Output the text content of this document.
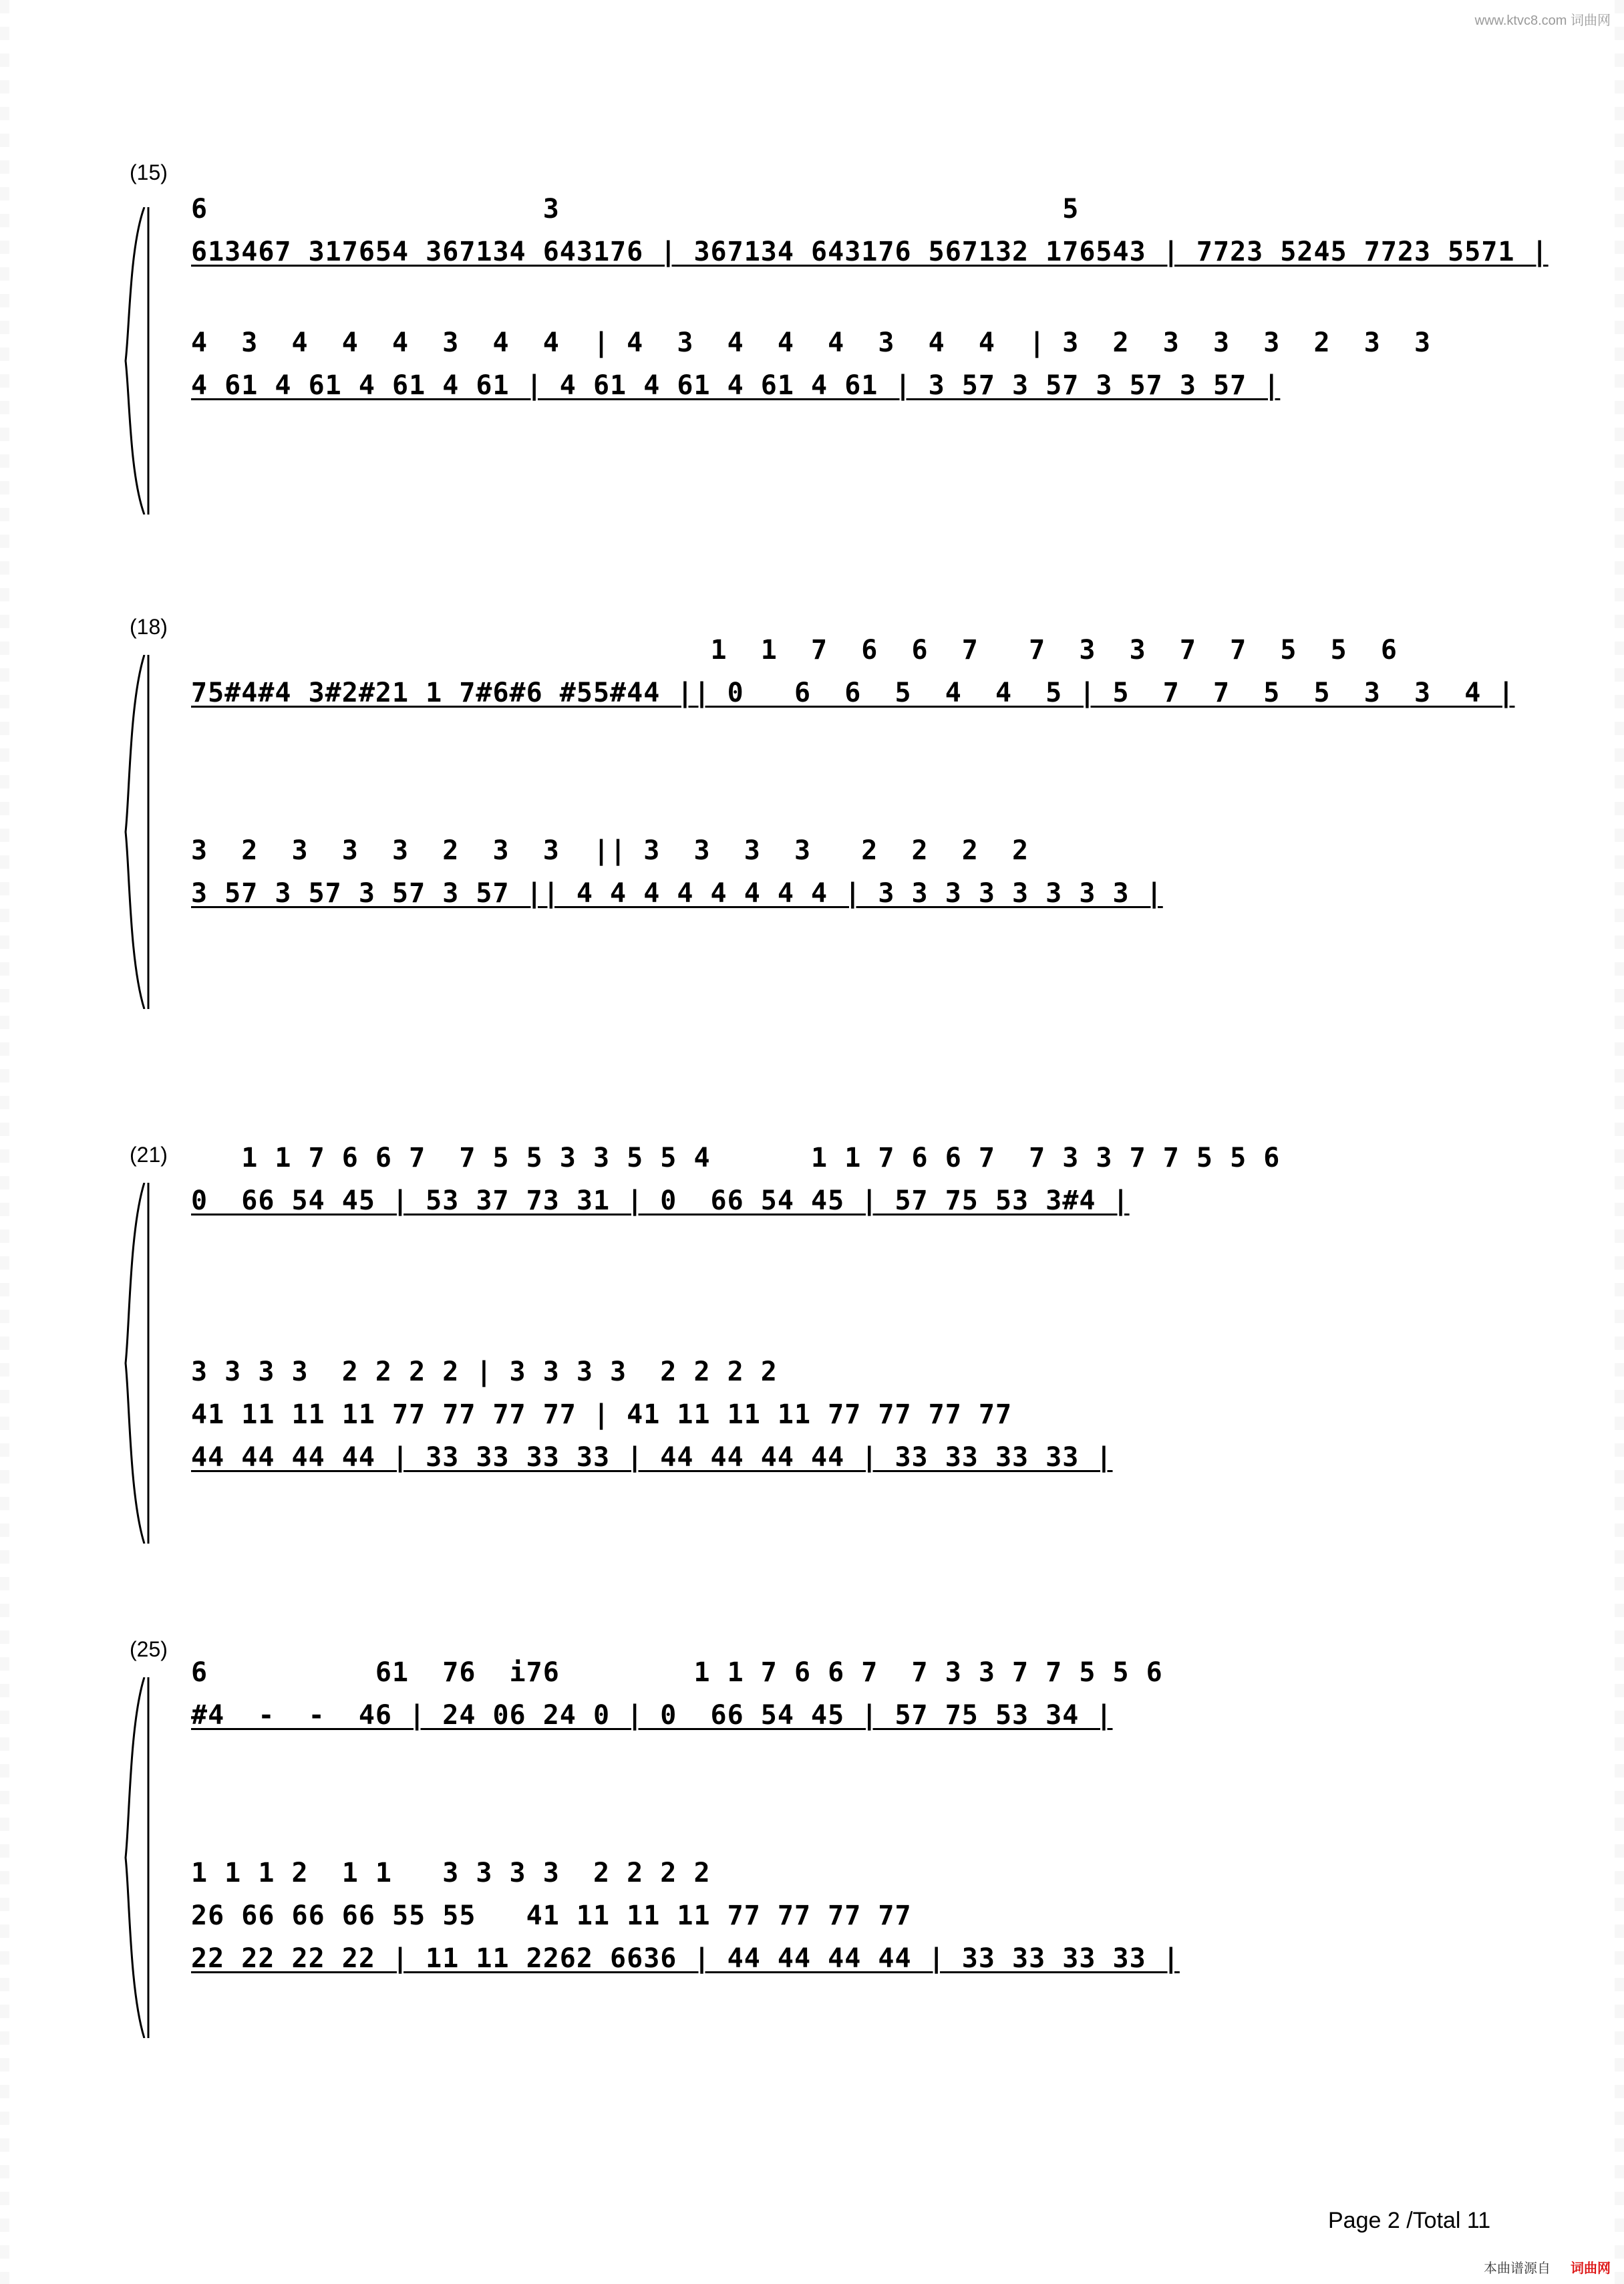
www.ktvc8.com 词曲网
(15)
6                    3                              5
613467 317654 367134 643176 | 367134 643176 567132 176543 | 7723 5245 7723 5571 |
4  3  4  4  4  3  4  4  | 4  3  4  4  4  3  4  4  | 3  2  3  3  3  2  3  3
4 61 4 61 4 61 4 61 | 4 61 4 61 4 61 4 61 | 3 57 3 57 3 57 3 57 |
(18)
1  1  7  6  6  7   7  3  3  7  7  5  5  6
75#4#4 3#2#21 1 7#6#6 #55#44 || 0   6  6  5  4  4  5 | 5  7  7  5  5  3  3  4 |
3  2  3  3  3  2  3  3  || 3  3  3  3   2  2  2  2
3 57 3 57 3 57 3 57 || 4 4 4 4 4 4 4 4 | 3 3 3 3 3 3 3 3 |
(21) 1 1 7 6 6 7  7 5 5 3 3 5 5 4      1 1 7 6 6 7  7 3 3 7 7 5 5 6
0  66 54 45 | 53 37 73 31 | 0  66 54 45 | 57 75 53 3#4 |
3 3 3 3  2 2 2 2 | 3 3 3 3  2 2 2 2
41 11 11 11 77 77 77 77 | 41 11 11 11 77 77 77 77
44 44 44 44 | 33 33 33 33 | 44 44 44 44 | 33 33 33 33 |
(25)
6          61  76  i76        1 1 7 6 6 7  7 3 3 7 7 5 5 6
#4  -  -  46 | 24 06 24 0 | 0  66 54 45 | 57 75 53 34 |
1 1 1 2  1 1   3 3 3 3  2 2 2 2
26 66 66 66 55 55   41 11 11 11 77 77 77 77
22 22 22 22 | 11 11 2262 6636 | 44 44 44 44 | 33 33 33 33 |
Page 2 /Total 11
本曲谱源自 词曲网
